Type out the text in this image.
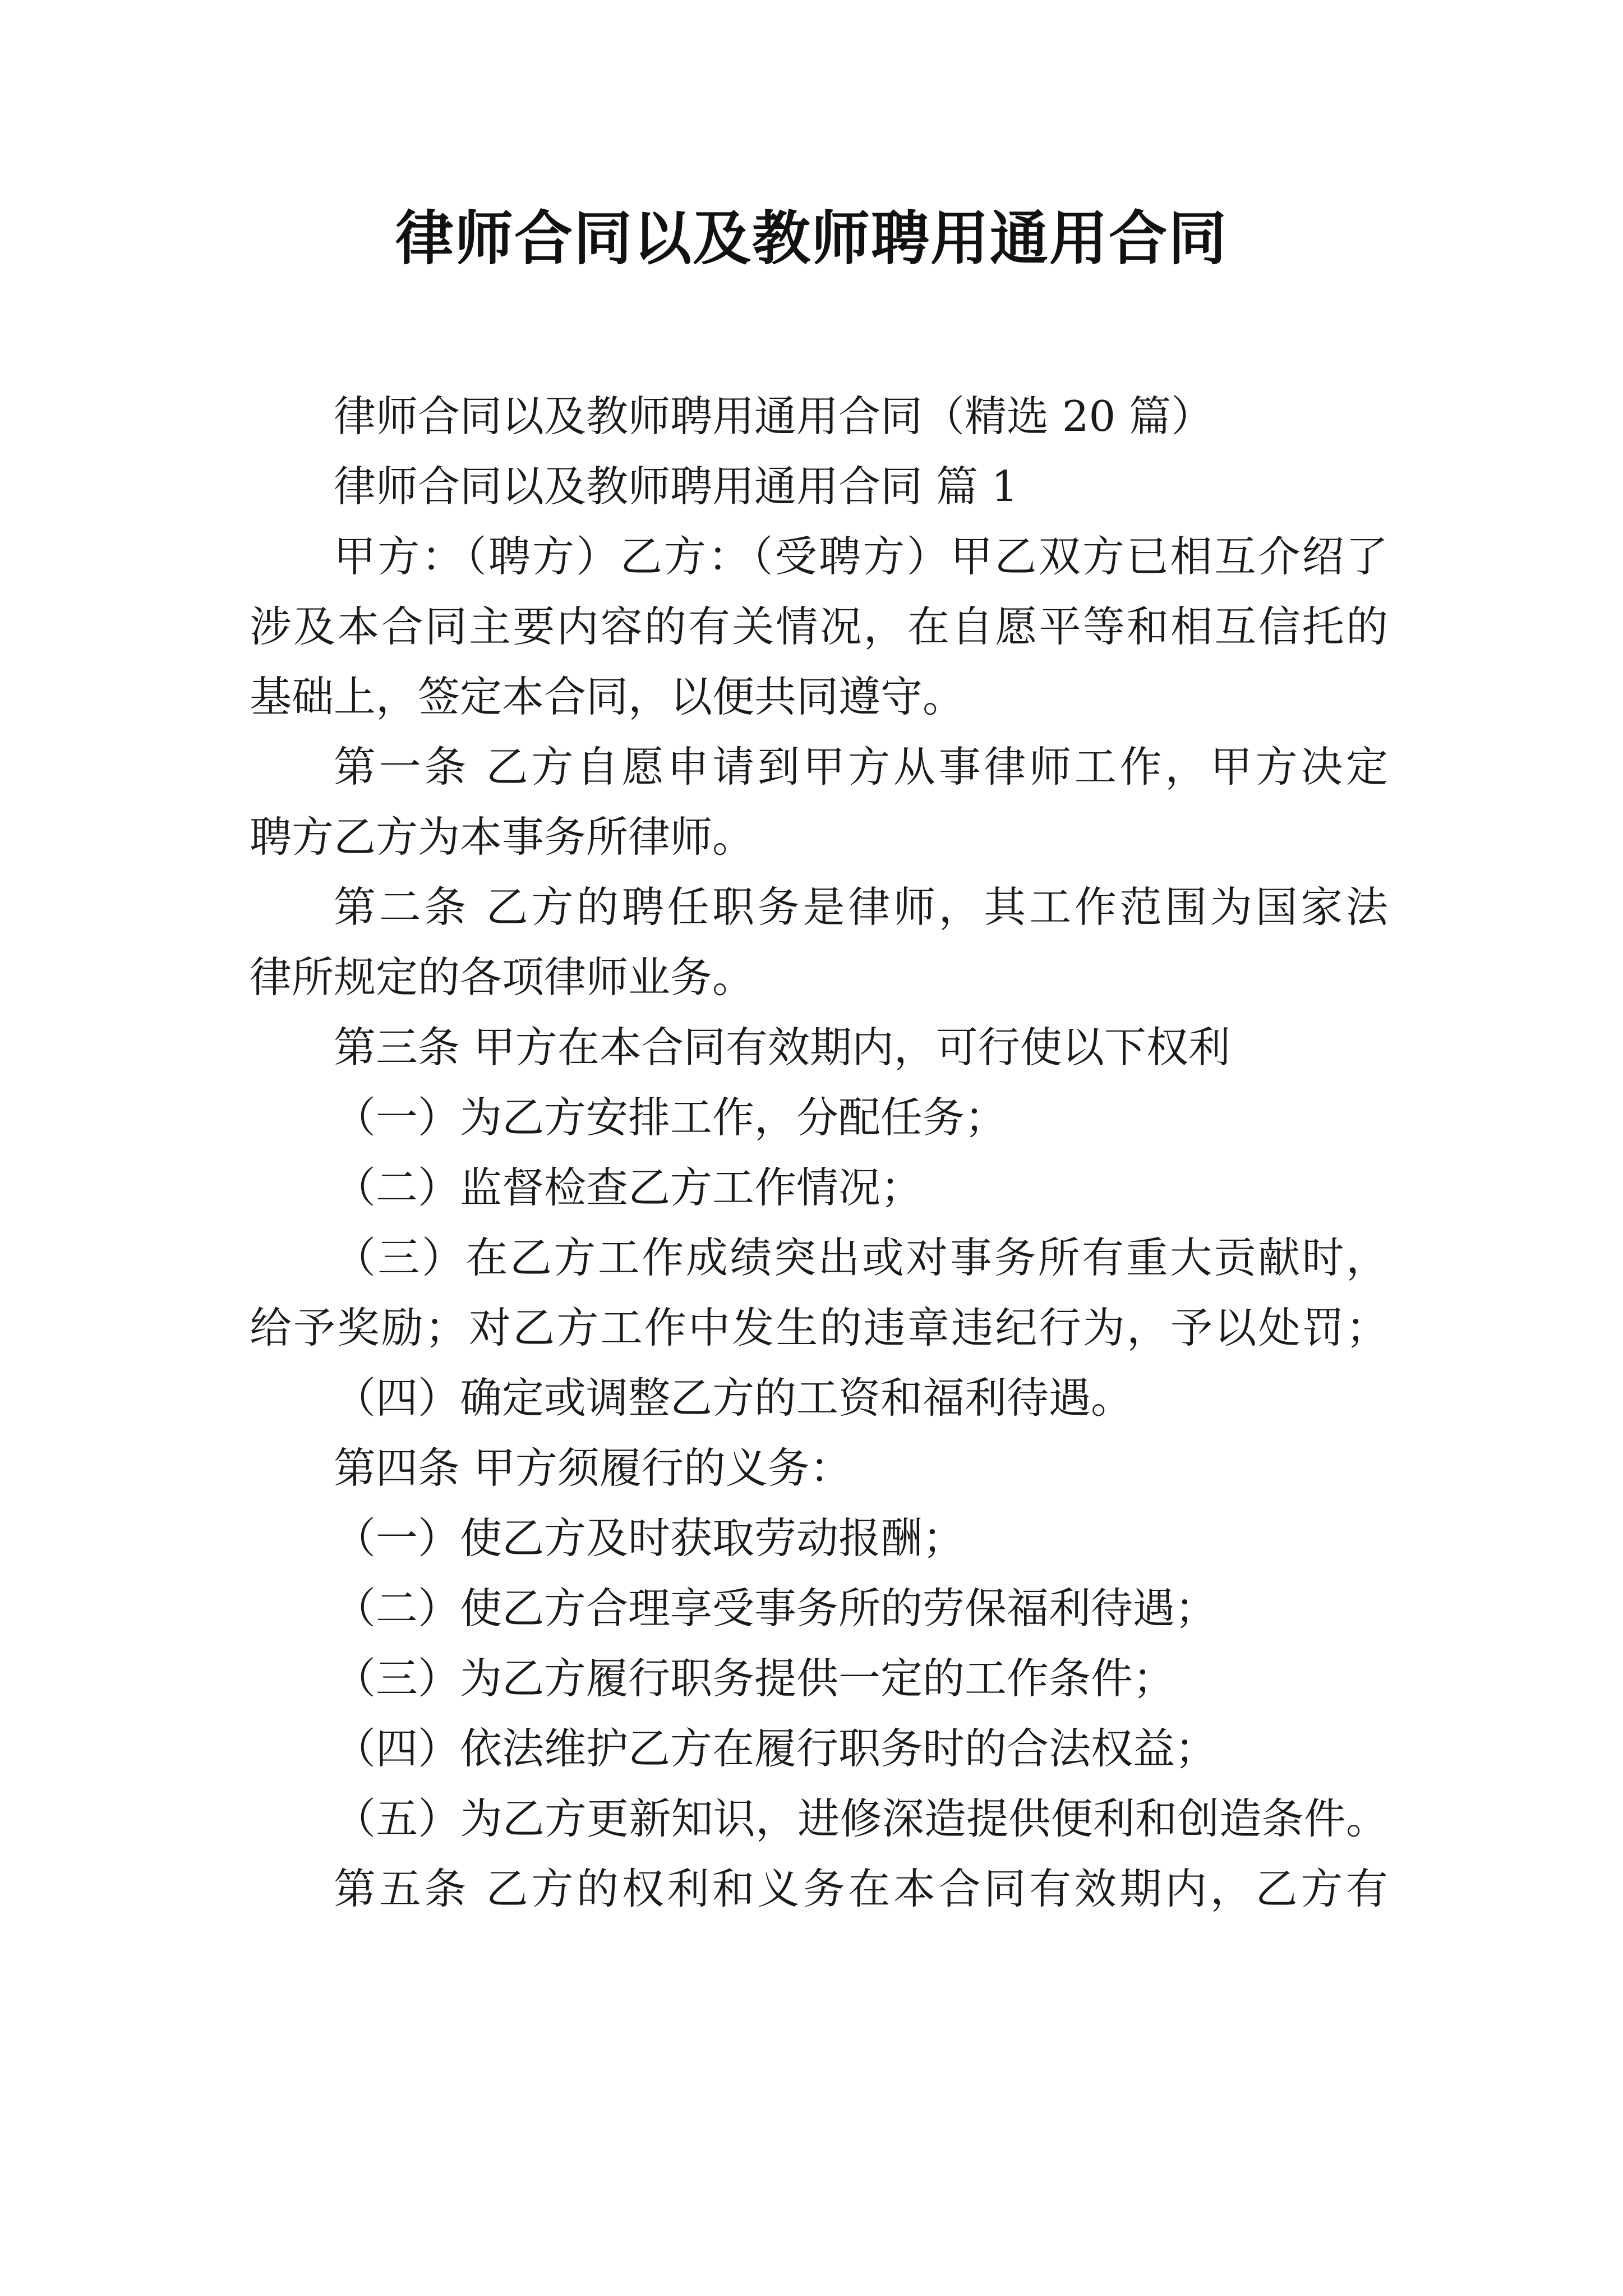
律师合同以及教师聘用通用合同
律师合同以及教师聘用通用合同（精选 20 篇）
律师合同以及教师聘用通用合同 篇 1
甲方：（聘方）乙方：（受聘方）甲乙双方已相互介绍了
涉及本合同主要内容的有关情况，在自愿平等和相互信托的
基础上，签定本合同，以便共同遵守。
第一条 乙方自愿申请到甲方从事律师工作，甲方决定
聘方乙方为本事务所律师。
第二条 乙方的聘任职务是律师，其工作范围为国家法
律所规定的各项律师业务。
第三条 甲方在本合同有效期内，可行使以下权利
（一）为乙方安排工作，分配任务；
（二）监督检查乙方工作情况；
（三）在乙方工作成绩突出或对事务所有重大贡献时，
给予奖励；对乙方工作中发生的违章违纪行为，予以处罚；
（四）确定或调整乙方的工资和福利待遇。
第四条 甲方须履行的义务：
（一）使乙方及时获取劳动报酬；
（二）使乙方合理享受事务所的劳保福利待遇；
（三）为乙方履行职务提供一定的工作条件；
（四）依法维护乙方在履行职务时的合法权益；
（五）为乙方更新知识，进修深造提供便利和创造条件。
第五条 乙方的权利和义务在本合同有效期内，乙方有
